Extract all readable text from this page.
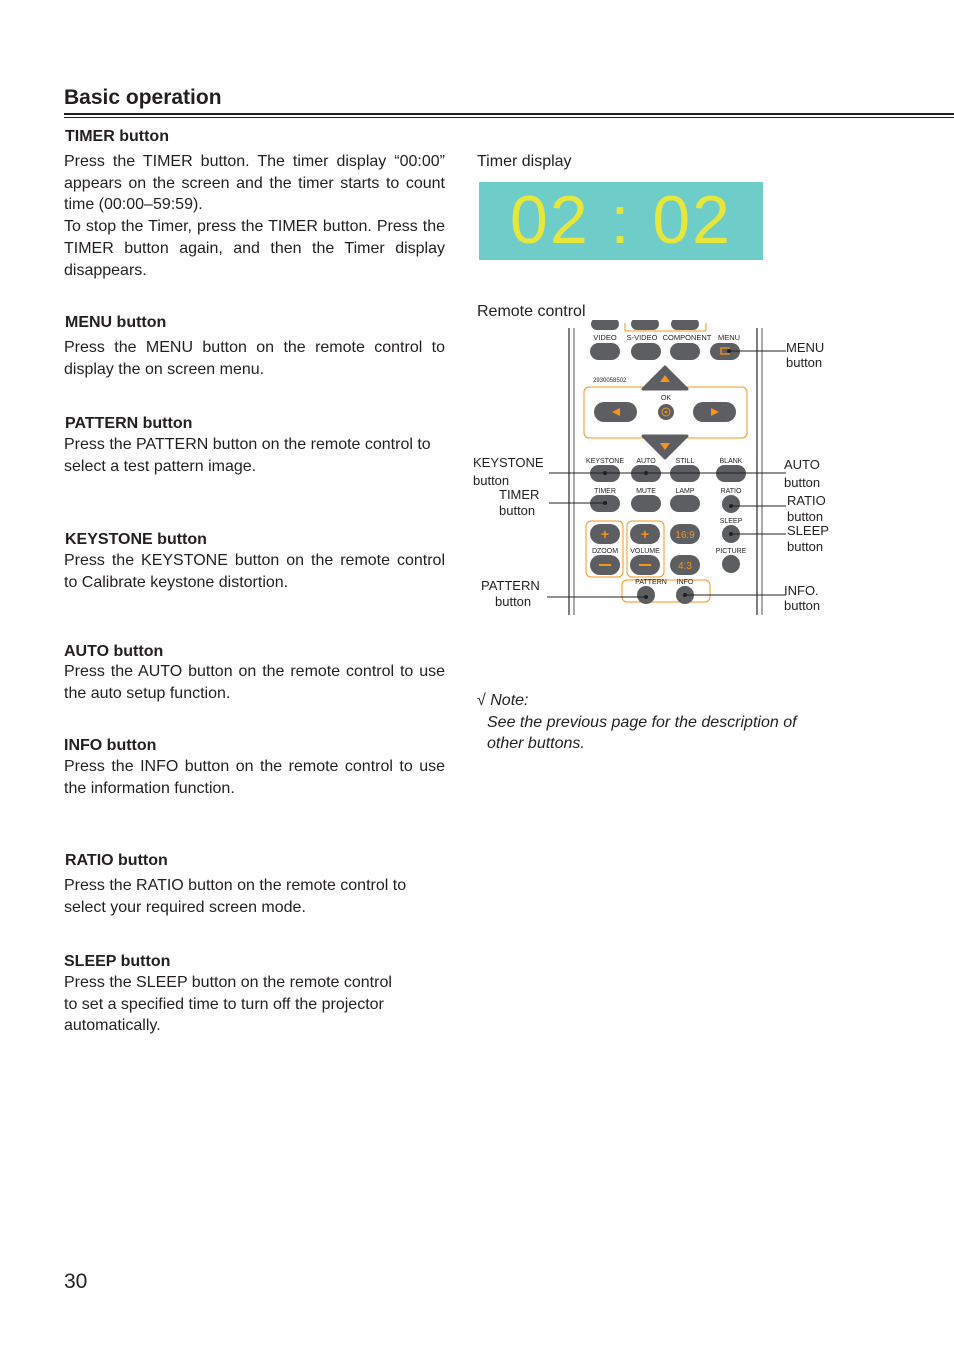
Basic operation
TIMER button

Press the TIMER button. The timer display “00:00” appears on the screen and the timer starts to count time (00:00–59:59).

To stop the Timer, press the TIMER button. Press the TIMER button again, and then the Timer display disappears.

MENU button

Press the MENU button on the remote control to display the on screen menu.

PATTERN button

Press the PATTERN button on the remote control to select a test pattern image.

KEYSTONE button

Press the KEYSTONE button on the remote control to Calibrate keystone distortion.

AUTO button

Press the AUTO button on the remote control to use the auto setup function.

INFO button

Press the INFO button on the remote control to use the information function.

RATIO button

Press the RATIO button on the remote control to select your required screen mode.

SLEEP button

Press the SLEEP button on the remote control

to set a specified time to turn off the projector

automatically.

Timer display
02 : 02
Remote control
VIDEO S-VIDEO COMPONENT MENU
2930058502
OK
KEYSTONE AUTO	STILL	BLANK
TIMER	MUTE	LAMP	RATIO
SLEEP
+ +
DZOOM VOLUME
16:9
4:3
PICTURE
PATTERN INFO
MENU
button
KEYSTONE
button
TIMER
button
AUTO
button
RATIO
button
SLEEP
button
PATTERN
button
INFO.
button
√ Note:
See the previous page for the description of
other buttons.
30
